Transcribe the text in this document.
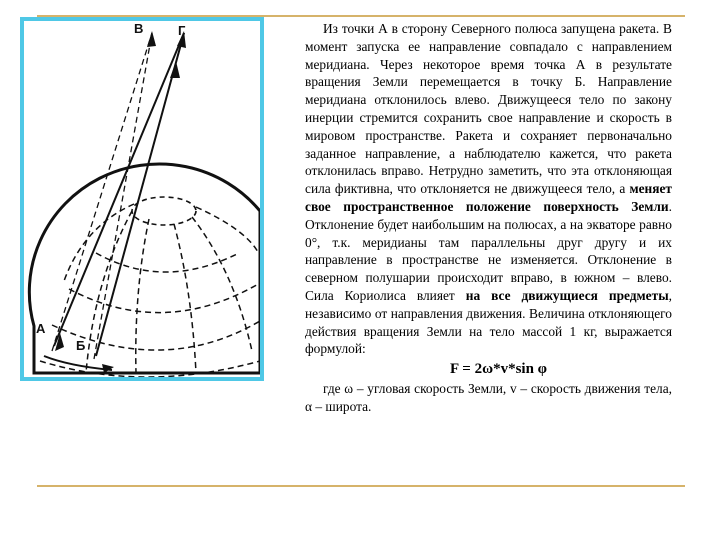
В	Г
А
Б

Из точки А в сторону Северного полюса запущена ракета. В момент запуска ее направление совпадало с направлением меридиана. Через некоторое время точка А в результате вращения Земли перемещается в точку Б. Направление меридиана отклонилось влево. Движущееся тело по закону инерции стремится сохранить свое направление и скорость в мировом пространстве. Ракета и сохраняет первоначально заданное направление, а наблюдателю кажется, что ракета отклонилась вправо. Нетрудно заметить, что эта отклоняющая сила фиктивна, что отклоняется не движущееся тело, а меняет свое пространственное положение поверхность Земли. Отклонение будет наибольшим на полюсах, а на экваторе равно 0°, т.к. меридианы там параллельны друг другу и их направление в пространстве не изменяется. Отклонение в северном полушарии происходит вправо, в южном – влево. Сила Кориолиса влияет на все движущиеся предметы, независимо от направления движения. Величина отклоняющего действия вращения Земли на тело массой 1 кг, выражается формулой:

F = 2ω*v*sin φ

где ω – угловая скорость Земли, v – скорость движения тела, α – широта.
